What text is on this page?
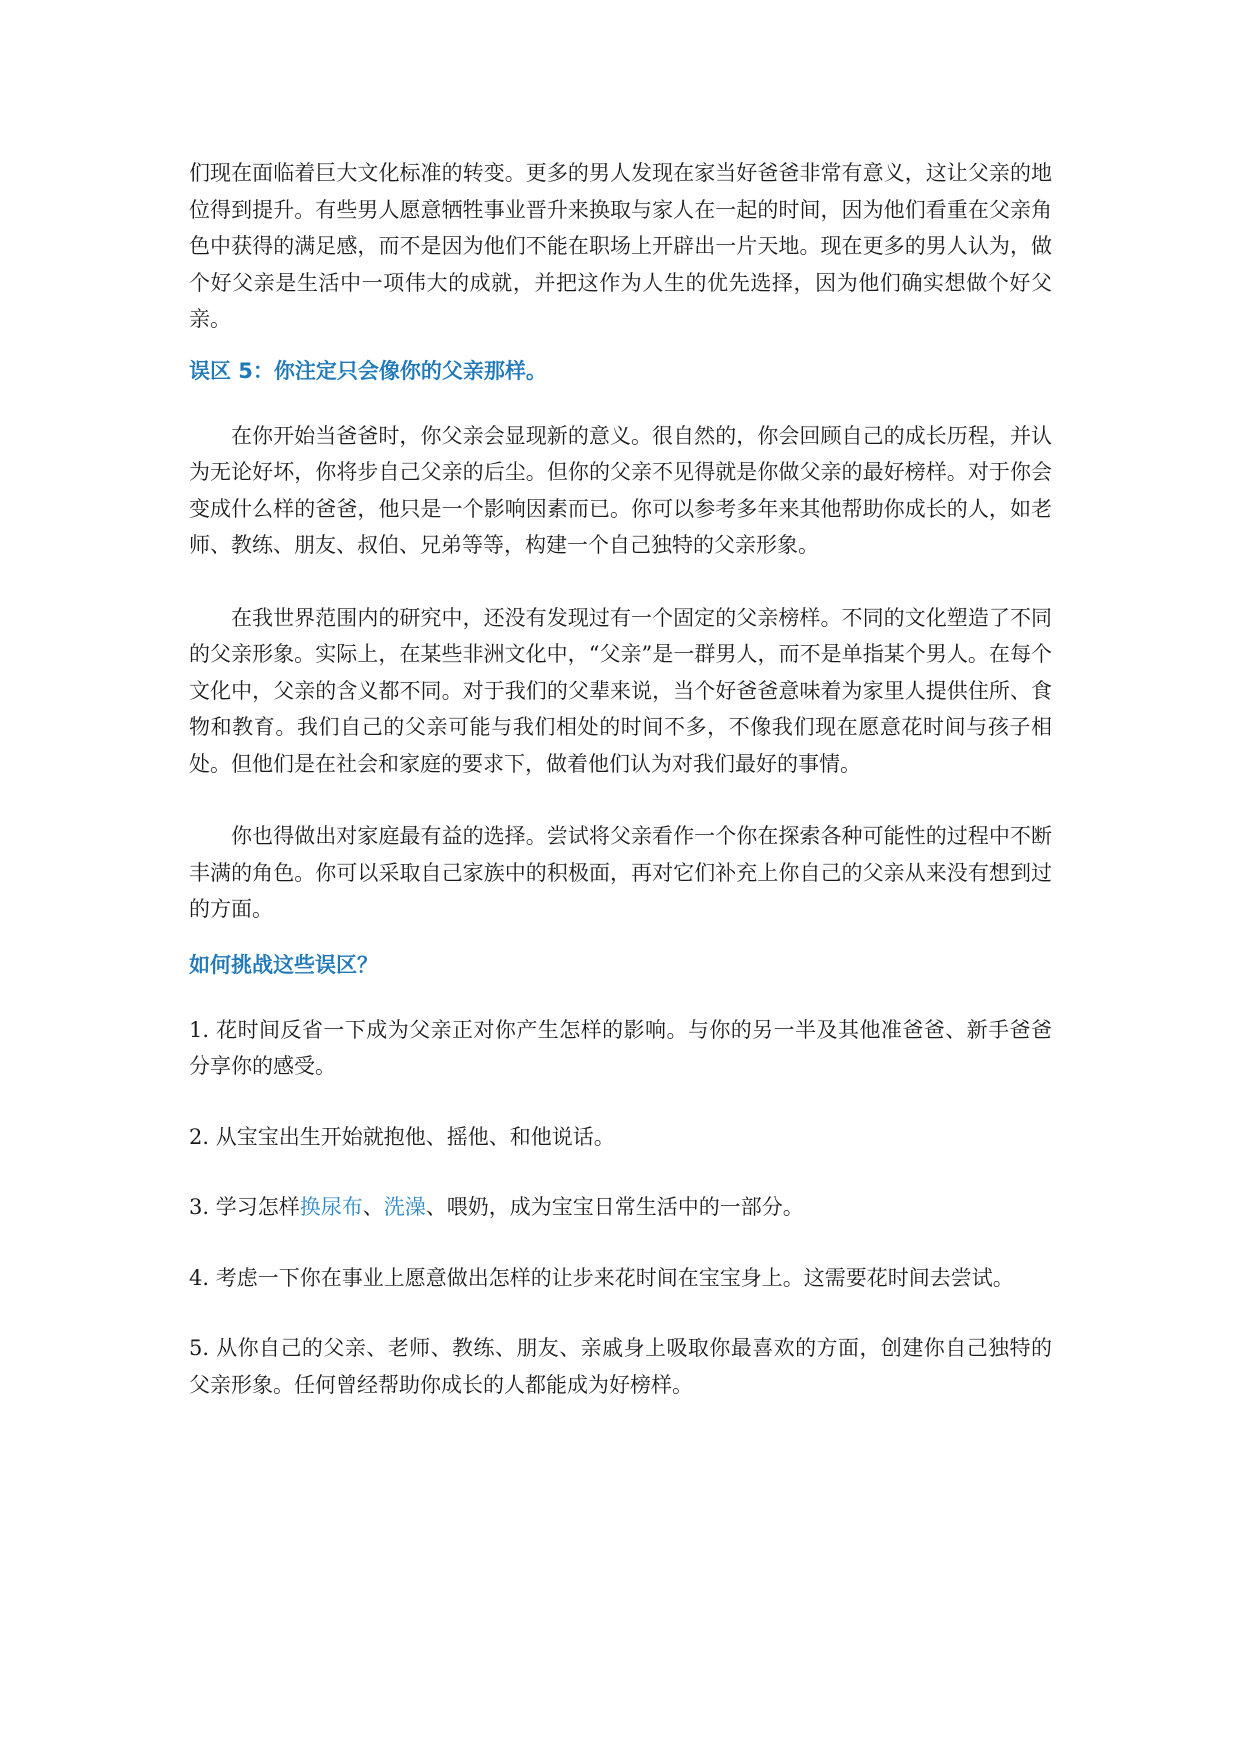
们现在面临着巨大文化标准的转变。更多的男人发现在家当好爸爸非常有意义，这让父亲的地位得到提升。有些男人愿意牺牲事业晋升来换取与家人在一起的时间，因为他们看重在父亲角色中获得的满足感，而不是因为他们不能在职场上开辟出一片天地。现在更多的男人认为，做个好父亲是生活中一项伟大的成就，并把这作为人生的优先选择，因为他们确实想做个好父亲。

误区 5：你注定只会像你的父亲那样。

在你开始当爸爸时，你父亲会显现新的意义。很自然的，你会回顾自己的成长历程，并认为无论好坏，你将步自己父亲的后尘。但你的父亲不见得就是你做父亲的最好榜样。对于你会变成什么样的爸爸，他只是一个影响因素而已。你可以参考多年来其他帮助你成长的人，如老师、教练、朋友、叔伯、兄弟等等，构建一个自己独特的父亲形象。

在我世界范围内的研究中，还没有发现过有一个固定的父亲榜样。不同的文化塑造了不同的父亲形象。实际上，在某些非洲文化中，“父亲”是一群男人，而不是单指某个男人。在每个文化中，父亲的含义都不同。对于我们的父辈来说，当个好爸爸意味着为家里人提供住所、食物和教育。我们自己的父亲可能与我们相处的时间不多，不像我们现在愿意花时间与孩子相处。但他们是在社会和家庭的要求下，做着他们认为对我们最好的事情。

你也得做出对家庭最有益的选择。尝试将父亲看作一个你在探索各种可能性的过程中不断丰满的角色。你可以采取自己家族中的积极面，再对它们补充上你自己的父亲从来没有想到过的方面。

如何挑战这些误区？

1. 花时间反省一下成为父亲正对你产生怎样的影响。与你的另一半及其他准爸爸、新手爸爸分享你的感受。

2. 从宝宝出生开始就抱他、摇他、和他说话。

3. 学习怎样换尿布、洗澡、喂奶，成为宝宝日常生活中的一部分。

4. 考虑一下你在事业上愿意做出怎样的让步来花时间在宝宝身上。这需要花时间去尝试。

5. 从你自己的父亲、老师、教练、朋友、亲戚身上吸取你最喜欢的方面，创建你自己独特的父亲形象。任何曾经帮助你成长的人都能成为好榜样。
